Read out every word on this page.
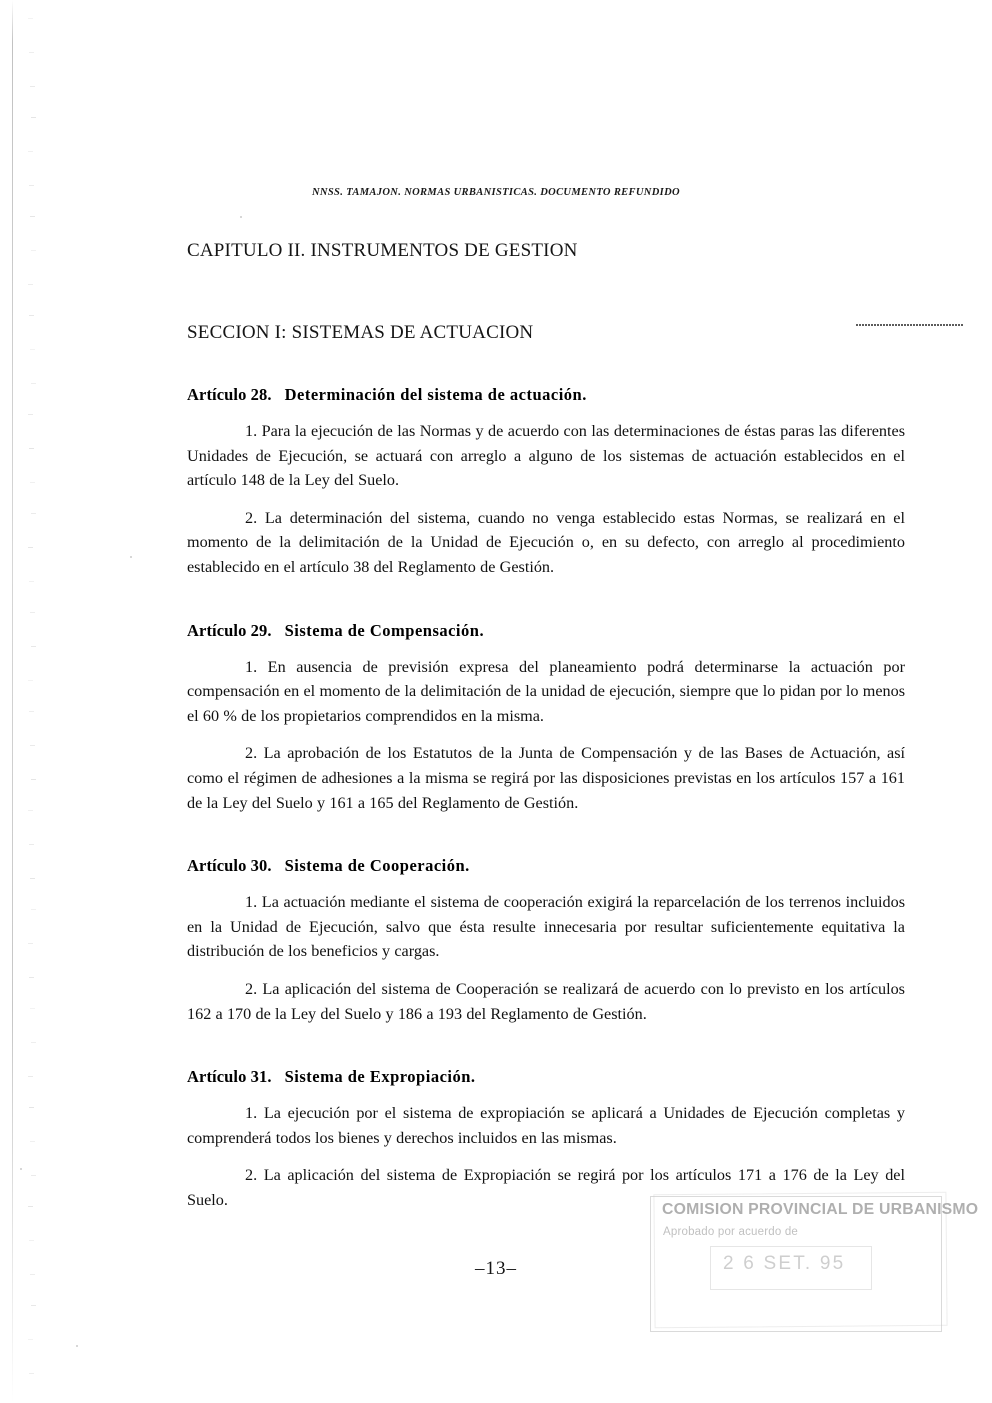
NNSS. TAMAJON. NORMAS URBANISTICAS. DOCUMENTO REFUNDIDO
CAPITULO II. INSTRUMENTOS DE GESTION
SECCION I: SISTEMAS DE ACTUACION
Artículo 28. Determinación del sistema de actuación.

1. Para la ejecución de las Normas y de acuerdo con las determinaciones de éstas paras las diferentes Unidades de Ejecución, se actuará con arreglo a alguno de los sistemas de actuación establecidos en el artículo 148 de la Ley del Suelo.

2. La determinación del sistema, cuando no venga establecido estas Normas, se realizará en el momento de la delimitación de la Unidad de Ejecución o, en su defecto, con arreglo al procedimiento establecido en el artículo 38 del Reglamento de Gestión.

Artículo 29. Sistema de Compensación.

1. En ausencia de previsión expresa del planeamiento podrá determinarse la actuación por compensación en el momento de la delimitación de la unidad de ejecución, siempre que lo pidan por lo menos el 60 % de los propietarios comprendidos en la misma.

2. La aprobación de los Estatutos de la Junta de Compensación y de las Bases de Actuación, así como el régimen de adhesiones a la misma se regirá por las disposiciones previstas en los artículos 157 a 161 de la Ley del Suelo y 161 a 165 del Reglamento de Gestión.

Artículo 30. Sistema de Cooperación.

1. La actuación mediante el sistema de cooperación exigirá la reparcelación de los terrenos incluidos en la Unidad de Ejecución, salvo que ésta resulte innecesaria por resultar suficientemente equitativa la distribución de los beneficios y cargas.

2. La aplicación del sistema de Cooperación se realizará de acuerdo con lo previsto en los artículos 162 a 170 de la Ley del Suelo y 186 a 193 del Reglamento de Gestión.

Artículo 31. Sistema de Expropiación.

1. La ejecución por el sistema de expropiación se aplicará a Unidades de Ejecución completas y comprenderá todos los bienes y derechos incluidos en las mismas.

2. La aplicación del sistema de Expropiación se regirá por los artículos 171 a 176 de la Ley del Suelo.

–13–
COMISION PROVINCIAL DE URBANISMO
Aprobado por acuerdo de
2 6 SET. 95
